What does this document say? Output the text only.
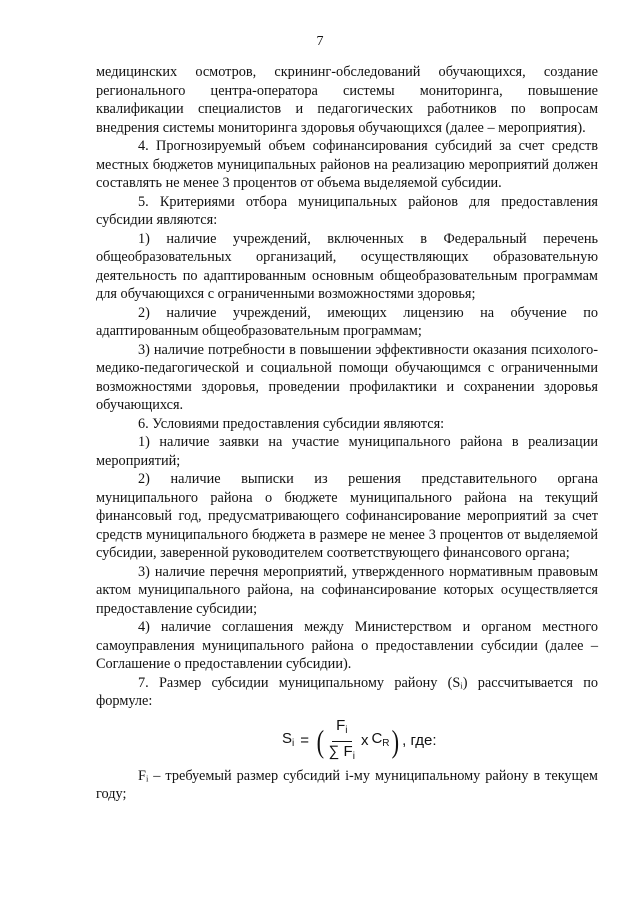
7

медицинских осмотров, скрининг-обследований обучающихся, создание регионального центра-оператора системы мониторинга, повышение квалификации специалистов и педагогических работников по вопросам внедрения системы мониторинга здоровья обучающихся (далее – мероприятия).

4. Прогнозируемый объем софинансирования субсидий за счет средств местных бюджетов муниципальных районов на реализацию мероприятий должен составлять не менее 3 процентов от объема выделяемой субсидии.

5. Критериями отбора муниципальных районов для предоставления субсидии являются:

1) наличие учреждений, включенных в Федеральный перечень общеобразовательных организаций, осуществляющих образовательную деятельность по адаптированным основным общеобразовательным программам для обучающихся с ограниченными возможностями здоровья;

2) наличие учреждений, имеющих лицензию на обучение по адаптированным общеобразовательным программам;

3) наличие потребности в повышении эффективности оказания психолого-медико-педагогической и социальной помощи обучающимся с ограниченными возможностями здоровья, проведении профилактики и сохранении здоровья обучающихся.

6. Условиями предоставления субсидии являются:

1) наличие заявки на участие муниципального района в реализации мероприятий;

2) наличие выписки из решения представительного органа муниципального района о бюджете муниципального района на текущий финансовый год, предусматривающего софинансирование мероприятий за счет средств муниципального бюджета в размере не менее 3 процентов от выделяемой субсидии, заверенной руководителем соответствующего финансового органа;

3) наличие перечня мероприятий, утвержденного нормативным правовым актом муниципального района, на софинансирование которых осуществляется предоставление субсидии;

4) наличие соглашения между Министерством и органом местного самоуправления муниципального района о предоставлении субсидии (далее – Соглашение о предоставлении субсидии).

7. Размер субсидии муниципальному району (Sᵢ) рассчитывается по формуле:

$S_i$ = ( $\frac{F_i}{\sum F_i}$ x $C_R$ ) , где:

Fᵢ – требуемый размер субсидий i-му муниципальному району в текущем году;
